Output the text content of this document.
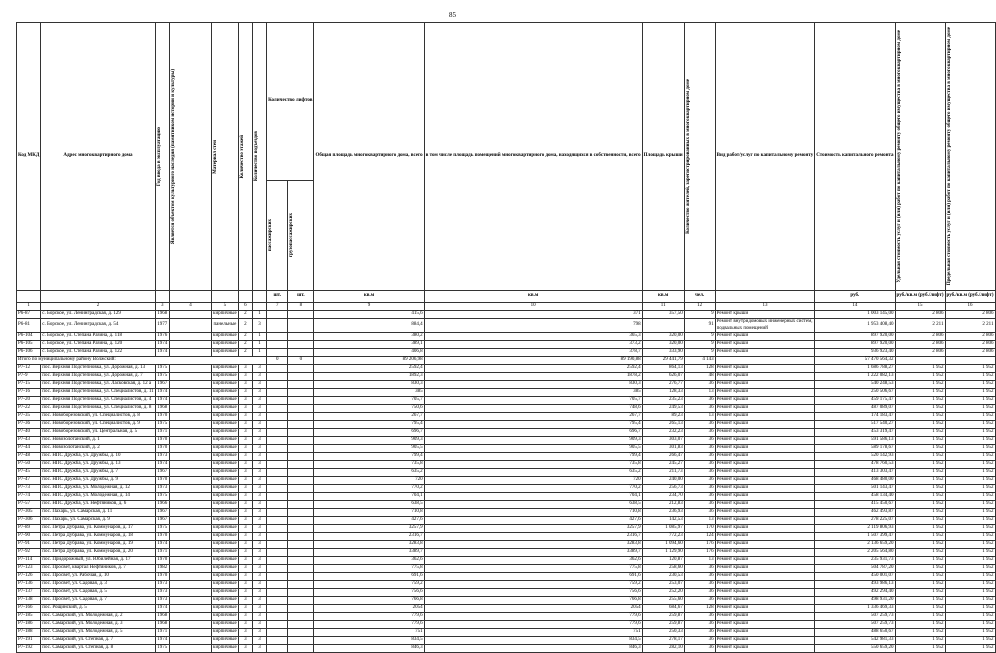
85
Код МКД	Адрес многоквартирного дома	Год ввода в эксплуатацию	Является объектом культурного наследия (памятником истории и культуры)	Материал стен	Количество этажей	Количество подъездов	Количество лифтов		Общая площадь многоквартирного дома, всего	в том числе площадь помещений многоквартирного дома, находящихся в собственности, всего	Площадь крыши	Количество жителей, зарегистрированных в многоквартирном доме	Вид работ/услуг по капитальному ремонту	Стоимость капитального ремонта	Удельная стоимость услуг и (или) работ по капитальному ремонту общего имущества в многоквартирном доме	Предельная стоимость услуг и (или) работ по капитальному ремонту общего имущества в многоквартирном доме

							пассажирских	грузопассажирских								

							шт.	шт.	кв.м	кв.м	кв.м	чел.		руб.	руб./кв.м (руб./лифт)	руб./кв.м (руб./лифт)
1	2	3	4	5	6		7	8	9	10	11	12	13	14	15	16
Р6-87	с. Борское, ул. Ленинградская, д. 129	1968		кирпичные	2	1			415,6	371	357,50	9	Ремонт крыши	1 003 145,00	2 806	2 806
Р6-81	с. Борское, ул. Ленинградская, д. 54	1977		панельные	2	3			884,4	798		91	Ремонт внутридомовых инженерных систем, подвальных помещений	1 953 408,40	2 211	2 211
Р6-104	с. Борское, ул. Степана Разина, д. 118	1976		кирпичные	2	1			380,2	365,3	320,00	9	Ремонт крыши	897 920,00	2 806	2 806
Р6-105	с. Борское, ул. Степана Разина, д. 120	1974		кирпичные	2	1			389,1	373,2	320,00	9	Ремонт крыши	897 920,00	2 806	2 806
Р6-106	с. Борское, ул. Степана Разина, д. 122	1974		кирпичные	2	1			406,8	378,7	333,90	9	Ремонт крыши	936 923,40	2 806	2 806
Итого по муниципальному району Волжский:							0	0	89 206,98	89 190,88	29 441,79	4 143		57 470 564,32		
Р7-12	пос. Верхняя Подстепновка, ул. Дорожная, д. 13	1975		кирпичные	3	3			2592,4	2592,4	864,13	128	Ремонт крыши	1 686 788,27	1 952	1 952
Р7-9	пос. Верхняя Подстепновка, ул. Дорожная, д. 7	1975		кирпичные	3	3			1892,3	1878,2	626,07	48	Ремонт крыши	1 222 082,13	1 952	1 952
Р7-15	пос. Верхняя Подстепновка, ул. Ласковская, д. 12 а	1967		кирпичные	3	3			830,3	830,3	276,77	36	Ремонт крыши	540 248,53	1 952	1 952
Р7-16	пос. Верхняя Подстепновка, ул. Специалистов, д. 11	1974		кирпичные	3	3			385	385	128,33	13	Ремонт крыши	250 506,67	1 952	1 952
Р7-20	пос. Верхняя Подстепновка, ул. Специалистов, д. 4	1974		кирпичные	3	3			705,7	705,7	235,23	36	Ремонт крыши	459 175,47	1 952	1 952
Р7-22	пос. Верхняя Подстепновка, ул. Специалистов, д. 8	1968		кирпичные	3	3			750,6	748,6	249,53	36	Ремонт крыши	487 089,07	1 952	1 952
Р7-35	пос. Новоборезовский, ул. Специалистов, д. 8	1970		кирпичные	3	3			267,7	267,7	89,23	13	Ремонт крыши	174 183,47	1 952	1 952
Р7-36	пос. Новоборезовский, ул. Специалистов, д. 9	1975		кирпичные	3	3			795,4	795,4	265,13	36	Ремонт крыши	517 540,27	1 952	1 952
Р7-40	пос. Новоборезовский, ул. Центральная, д. 5	1971		кирпичные	3	3			696,7	696,7	232,23	36	Ремонт крыши	453 319,47	1 952	1 952
Р7-43	пос. Новозолотанский, д. 1	1970		кирпичные	3	3			909,3	909,3	303,07	36	Ремонт крыши	591 586,13	1 952	1 952
Р7-44	пос. Новозолотанский, д. 2	1970		кирпичные	3	3			905,5	905,5	301,83	36	Ремонт крыши	589 178,67	1 952	1 952
Р7-48	пос. НПС Дружба, ул. Дружбы, д. 10	1973		кирпичные	3	3			799,4	799,4	266,47	36	Ремонт крыши	520 142,93	1 952	1 952
Р7-50	пос. НПС Дружба, ул. Дружбы, д. 13	1974		кирпичные	3	3			735,8	735,8	245,27	36	Ремонт крыши	478 760,53	1 952	1 952
Р7-45	пос. НПС Дружба, ул. Дружбы, д. 7	1967		кирпичные	3	3			635,2	635,2	211,73	36	Ремонт крыши	413 303,47	1 952	1 952
Р7-47	пос. НПС Дружба, ул. Дружбы, д. 9	1970		кирпичные	3	3			720	720	240,00	36	Ремонт крыши	468 480,00	1 952	1 952
Р7-73	пос. НПС Дружба, ул. Молодежная, д. 12	1973		кирпичные	3	3			770,2	770,2	256,73	36	Ремонт крыши	501 143,47	1 952	1 952
Р7-74	пос. НПС Дружба, ул. Молодежная, д. 14	1975		кирпичные	3	3			704,1	704,1	234,70	36	Ремонт крыши	458 134,40	1 952	1 952
Р7-57	пос. НПС Дружба, ул. Нефтяников, д. 6	1966		кирпичные	3	3			638,5	638,5	212,83	36	Ремонт крыши	415 450,67	1 952	1 952
Р7-305	пос. Пахарь, ул. Самарская, д. 11	1967		кирпичные	3	3			710,8	710,8	236,93	36	Ремонт крыши	462 493,87	1 952	1 952
Р7-306	пос. Пахарь, ул. Самарская, д. 9	1967		кирпичные	3	3			427,6	427,6	142,53	13	Ремонт крыши	278 225,07	1 952	1 952
Р7-89	пос. Петра Дубрава, ул. Коммунаров, д. 17	1975		кирпичные	3	3			3257,9	3257,9	1 085,97	170	Ремонт крыши	2 119 806,93	1 952	1 952
Р7-90	пос. Петра Дубрава, ул. Коммунаров, д. 18	1970		кирпичные	3	3			2316,7	2316,7	772,23	124	Ремонт крыши	1 507 399,47	1 952	1 952
Р7-91	пос. Петра Дубрава, ул. Коммунаров, д. 19	1974		кирпичные	3	3			3283,8	3283,8	1 094,60	176	Ремонт крыши	2 136 659,20	1 952	1 952
Р7-92	пос. Петра Дубрава, ул. Коммунаров, д. 20	1971		кирпичные	3	3			3389,7	3389,7	1 129,90	176	Ремонт крыши	2 205 564,80	1 952	1 952
Р7-114	пос. Придорожный, ул. Юбилейная, д. 17	1970		кирпичные	3	3			362,6	362,6	120,87	13	Ремонт крыши	235 931,73	1 952	1 952
Р7-123	пос. Просвет, квартал Нефтяников, д. 7	1982		кирпичные	3	3			775,8	775,8	258,60	36	Ремонт крыши	504 787,20	1 952	1 952
Р7-126	пос. Просвет, ул. Рабочая, д. 10	1970		кирпичные	3	3			691,6	691,6	230,53	36	Ремонт крыши	450 001,07	1 952	1 952
Р7-136	пос. Просвет, ул. Садовая, д. 3	1973		кирпичные	3	3			759,2	759,2	253,07	36	Ремонт крыши	493 986,13	1 952	1 952
Р7-137	пос. Просвет, ул. Садовая, д. 5	1973		кирпичные	3	3			756,6	756,6	252,20	36	Ремонт крыши	492 294,40	1 952	1 952
Р7-138	пос. Просвет, ул. Садовая, д. 7	1973		кирпичные	3	3			766,8	766,8	255,60	36	Ремонт крыши	498 931,20	1 952	1 952
Р7-166	пос. Рощинский, д. 5	1974		кирпичные	3	3			2054	2054	684,67	128	Ремонт крыши	1 336 469,33	1 952	1 952
Р7-185	пос. Самарский, ул. Молодежная, д. 2	1968		кирпичные	3	3			779,6	779,6	259,87	36	Ремонт крыши	507 259,73	1 952	1 952
Р7-186	пос. Самарский, ул. Молодежная, д. 3	1968		кирпичные	3	3			779,6	779,6	259,87	36	Ремонт крыши	507 259,73	1 952	1 952
Р7-188	пос. Самарский, ул. Молодежная, д. 5	1971		кирпичные	3	3			751	751	250,33	36	Ремонт крыши	488 650,67	1 952	1 952
Р7-191	пос. Самарский, ул. Степная, д. 7	1974		кирпичные	3	3			834,5	834,5	278,17	36	Ремонт крыши	542 981,33	1 952	1 952
Р7-192	пос. Самарский, ул. Степная, д. 8	1975		кирпичные	3	3			846,3	846,3	282,10	36	Ремонт крыши	550 659,20	1 952	1 952
